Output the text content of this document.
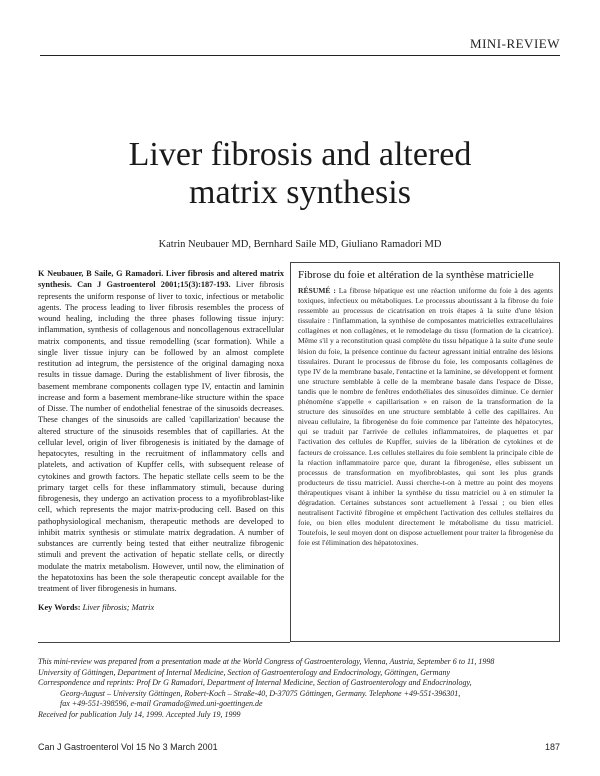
MINI-REVIEW
Liver fibrosis and altered
matrix synthesis
Katrin Neubauer MD, Bernhard Saile MD, Giuliano Ramadori MD

K Neubauer, B Saile, G Ramadori. Liver fibrosis and altered matrix synthesis. Can J Gastroenterol 2001;15(3):187-193. Liver fibrosis represents the uniform response of liver to toxic, infectious or metabolic agents. The process leading to liver fibrosis resembles the process of wound healing, including the three phases following tissue injury: inflammation, synthesis of collagenous and noncollagenous extracellular matrix components, and tissue remodelling (scar formation). While a single liver tissue injury can be followed by an almost complete restitution ad integrum, the persistence of the original damaging noxa results in tissue damage. During the establishment of liver fibrosis, the basement membrane components collagen type IV, entactin and laminin increase and form a basement membrane-like structure within the space of Disse. The number of endothelial fenestrae of the sinusoids decreases. These changes of the sinusoids are called 'capillarization' because the altered structure of the sinusoids resembles that of capillaries. At the cellular level, origin of liver fibrogenesis is initiated by the damage of hepatocytes, resulting in the recruitment of inflammatory cells and platelets, and activation of Kupffer cells, with subsequent release of cytokines and growth factors. The hepatic stellate cells seem to be the primary target cells for these inflammatory stimuli, because during fibrogenesis, they undergo an activation process to a myofibroblast-like cell, which represents the major matrix-producing cell. Based on this pathophysiological mechanism, therapeutic methods are developed to inhibit matrix synthesis or stimulate matrix degradation. A number of substances are currently being tested that either neutralize fibrogenic stimuli and prevent the activation of hepatic stellate cells, or directly modulate the matrix metabolism. However, until now, the elimination of the hepatotoxins has been the sole therapeutic concept available for the treatment of liver fibrogenesis in humans.

Key Words: Liver fibrosis; Matrix
Fibrose du foie et altération de la synthèse matricielle
RÉSUMÉ : La fibrose hépatique est une réaction uniforme du foie à des agents toxiques, infectieux ou métaboliques. Le processus aboutissant à la fibrose du foie ressemble au processus de cicatrisation en trois étapes à la suite d'une lésion tissulaire : l'inflammation, la synthèse de composantes matricielles extracellulaires collagènes et non collagènes, et le remodelage du tissu (formation de la cicatrice). Même s'il y a reconstitution quasi complète du tissu hépatique à la suite d'une seule lésion du foie, la présence continue du facteur agressant initial entraîne des lésions tissulaires. Durant le processus de fibrose du foie, les composants collagènes de type IV de la membrane basale, l'entactine et la laminine, se développent et forment une structure semblable à celle de la membrane basale dans l'espace de Disse, tandis que le nombre de fenêtres endothéliales des sinusoïdes diminue. Ce dernier phénomène s'appelle « capillarisation » en raison de la transformation de la structure des sinusoïdes en une structure semblable à celle des capillaires. Au niveau cellulaire, la fibrogenèse du foie commence par l'atteinte des hépatocytes, qui se traduit par l'arrivée de cellules inflammatoires, de plaquettes et par l'activation des cellules de Kupffer, suivies de la libération de cytokines et de facteurs de croissance. Les cellules stellaires du foie semblent la principale cible de la réaction inflammatoire parce que, durant la fibrogenèse, elles subissent un processus de transformation en myofibroblastes, qui sont les plus grands producteurs de tissu matriciel. Aussi cherche-t-on à mettre au point des moyens thérapeutiques visant à inhiber la synthèse du tissu matriciel ou à en stimuler la dégradation. Certaines substances sont actuellement à l'essai ; ou bien elles neutralisent l'activité fibrogène et empêchent l'activation des cellules stellaires du foie, ou bien elles modulent directement le métabolisme du tissu matriciel. Toutefois, le seul moyen dont on dispose actuellement pour traiter la fibrogenèse du foie est l'élimination des hépatotoxines.
This mini-review was prepared from a presentation made at the World Congress of Gastroenterology, Vienna, Austria, September 6 to 11, 1998
University of Göttingen, Department of Internal Medicine, Section of Gastroenterology and Endocrinology, Göttingen, Germany
Correspondence and reprints: Prof Dr G Ramadori, Department of Internal Medicine, Section of Gastroenterology and Endocrinology,
Georg-August – University Göttingen, Robert-Koch – Straße-40, D-37075 Göttingen, Germany. Telephone +49-551-396301,
fax +49-551-398596, e-mail Gramado@med.uni-goettingen.de
Received for publication July 14, 1999. Accepted July 19, 1999
Can J Gastroenterol Vol 15 No 3 March 2001	187
